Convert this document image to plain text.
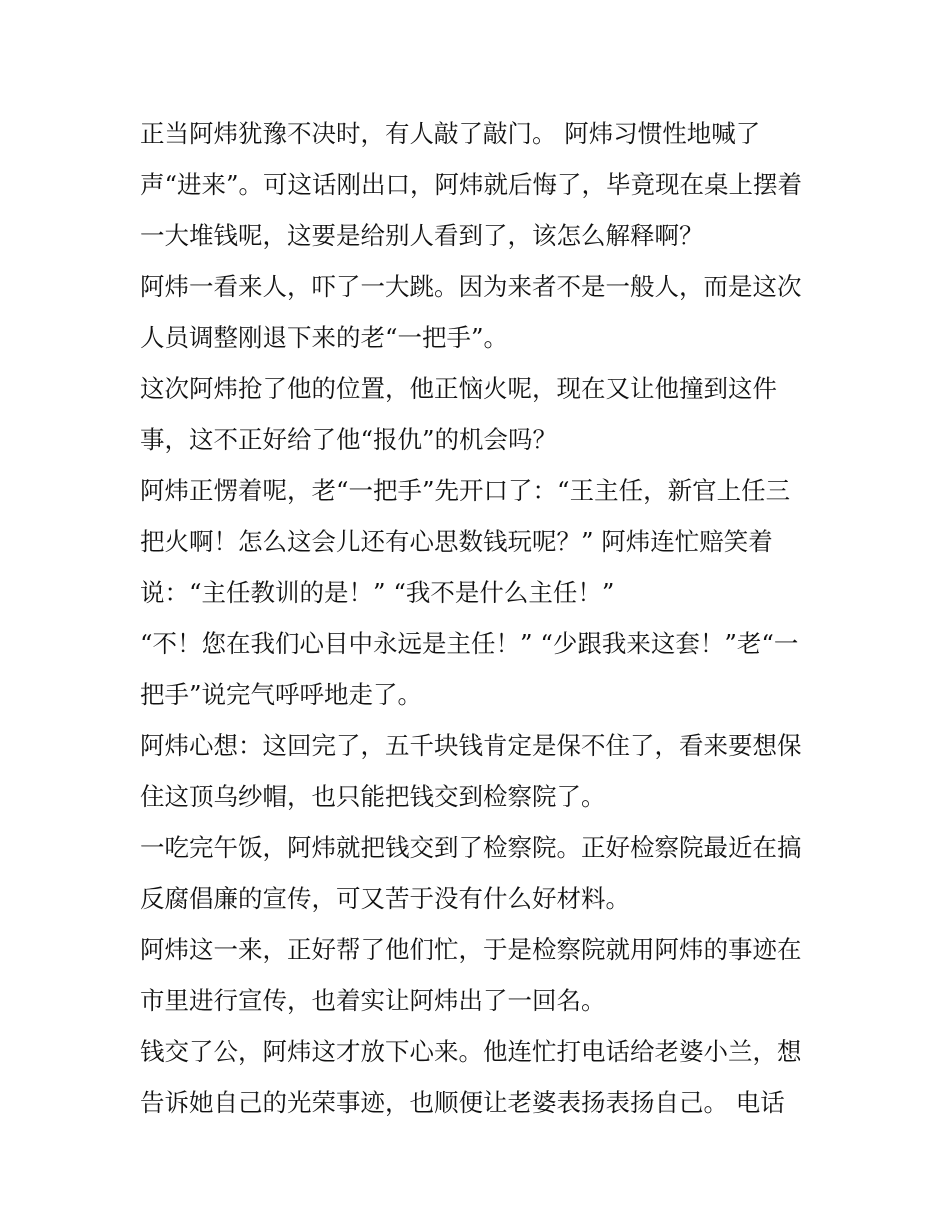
正当阿炜犹豫不决时，有人敲了敲门。 阿炜习惯性地喊了
声“进来”。可这话刚出口，阿炜就后悔了，毕竟现在桌上摆着
一大堆钱呢，这要是给别人看到了，该怎么解释啊？
阿炜一看来人，吓了一大跳。因为来者不是一般人，而是这次
人员调整刚退下来的老“一把手”。
这次阿炜抢了他的位置，他正恼火呢，现在又让他撞到这件
事，这不正好给了他“报仇”的机会吗？
阿炜正愣着呢，老“一把手”先开口了：“王主任，新官上任三
把火啊！怎么这会儿还有心思数钱玩呢？” 阿炜连忙赔笑着
说：“主任教训的是！” “我不是什么主任！”
“不！您在我们心目中永远是主任！” “少跟我来这套！”老“一
把手”说完气呼呼地走了。
阿炜心想：这回完了，五千块钱肯定是保不住了，看来要想保
住这顶乌纱帽，也只能把钱交到检察院了。
一吃完午饭，阿炜就把钱交到了检察院。正好检察院最近在搞
反腐倡廉的宣传，可又苦于没有什么好材料。
阿炜这一来，正好帮了他们忙，于是检察院就用阿炜的事迹在
市里进行宣传，也着实让阿炜出了一回名。
钱交了公，阿炜这才放下心来。他连忙打电话给老婆小兰，想
告诉她自己的光荣事迹，也顺便让老婆表扬表扬自己。 电话
